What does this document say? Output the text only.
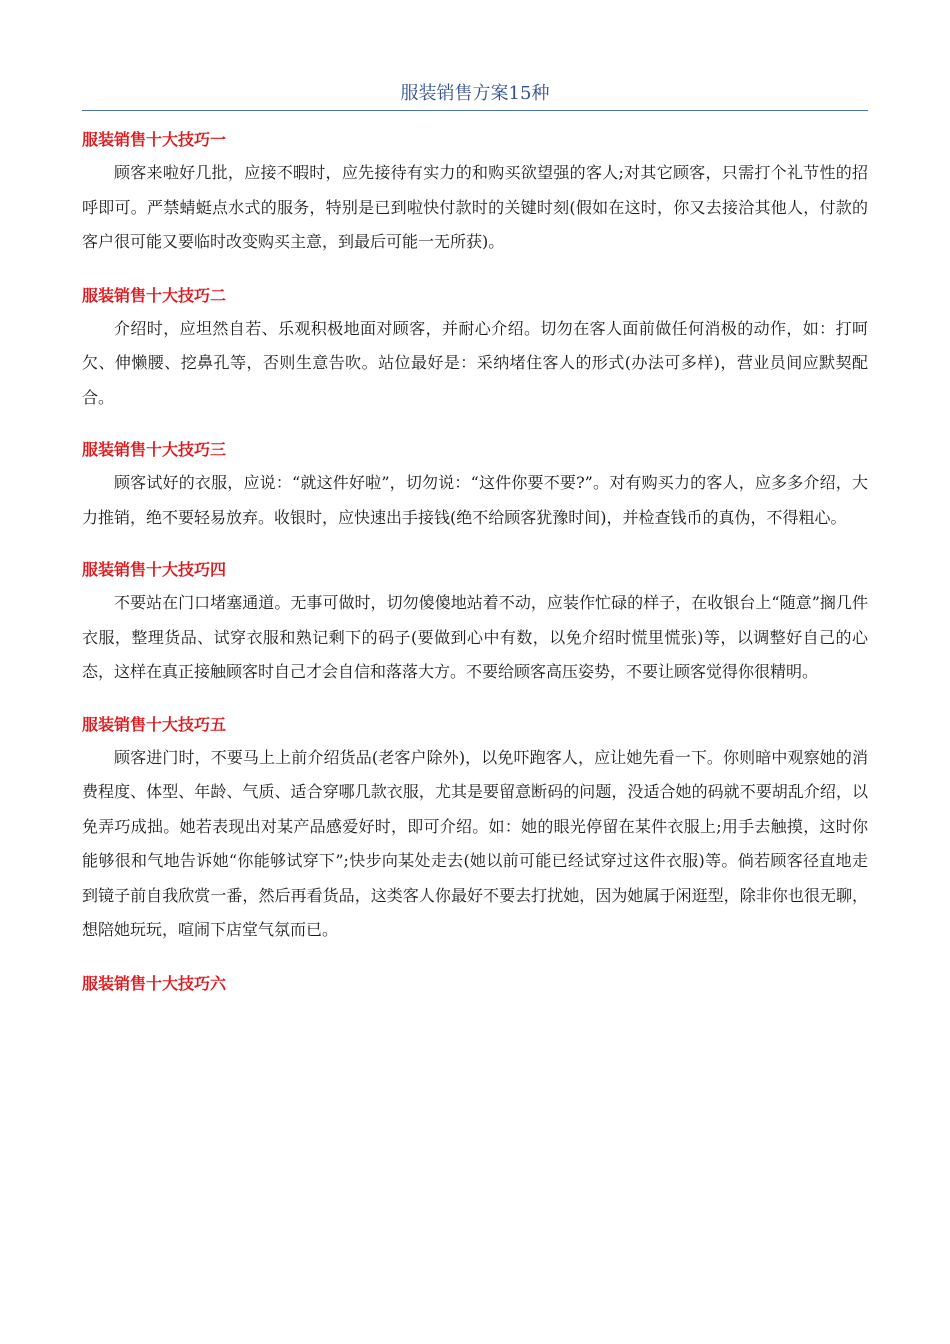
服装销售方案15种
服装销售十大技巧一

顾客来啦好几批，应接不暇时，应先接待有实力的和购买欲望强的客人;对其它顾客，只需打个礼节性的招呼即可。严禁蜻蜓点水式的服务，特别是已到啦快付款时的关键时刻(假如在这时，你又去接洽其他人，付款的客户很可能又要临时改变购买主意，到最后可能一无所获)。

服装销售十大技巧二

介绍时，应坦然自若、乐观积极地面对顾客，并耐心介绍。切勿在客人面前做任何消极的动作，如：打呵欠、伸懒腰、挖鼻孔等，否则生意告吹。站位最好是：采纳堵住客人的形式(办法可多样)，营业员间应默契配合。

服装销售十大技巧三

顾客试好的衣服，应说：“就这件好啦”，切勿说：“这件你要不要?”。对有购买力的客人，应多多介绍，大力推销，绝不要轻易放弃。收银时，应快速出手接钱(绝不给顾客犹豫时间)，并检查钱币的真伪，不得粗心。

服装销售十大技巧四

不要站在门口堵塞通道。无事可做时，切勿傻傻地站着不动，应装作忙碌的样子，在收银台上“随意”搁几件衣服，整理货品、试穿衣服和熟记剩下的码子(要做到心中有数，以免介绍时慌里慌张)等，以调整好自己的心态，这样在真正接触顾客时自己才会自信和落落大方。不要给顾客高压姿势，不要让顾客觉得你很精明。

服装销售十大技巧五

顾客进门时，不要马上上前介绍货品(老客户除外)，以免吓跑客人，应让她先看一下。你则暗中观察她的消费程度、体型、年龄、气质、适合穿哪几款衣服，尤其是要留意断码的问题，没适合她的码就不要胡乱介绍，以免弄巧成拙。她若表现出对某产品感爱好时，即可介绍。如：她的眼光停留在某件衣服上;用手去触摸，这时你能够很和气地告诉她“你能够试穿下”;快步向某处走去(她以前可能已经试穿过这件衣服)等。倘若顾客径直地走到镜子前自我欣赏一番，然后再看货品，这类客人你最好不要去打扰她，因为她属于闲逛型，除非你也很无聊，想陪她玩玩，喧闹下店堂气氛而已。

服装销售十大技巧六
